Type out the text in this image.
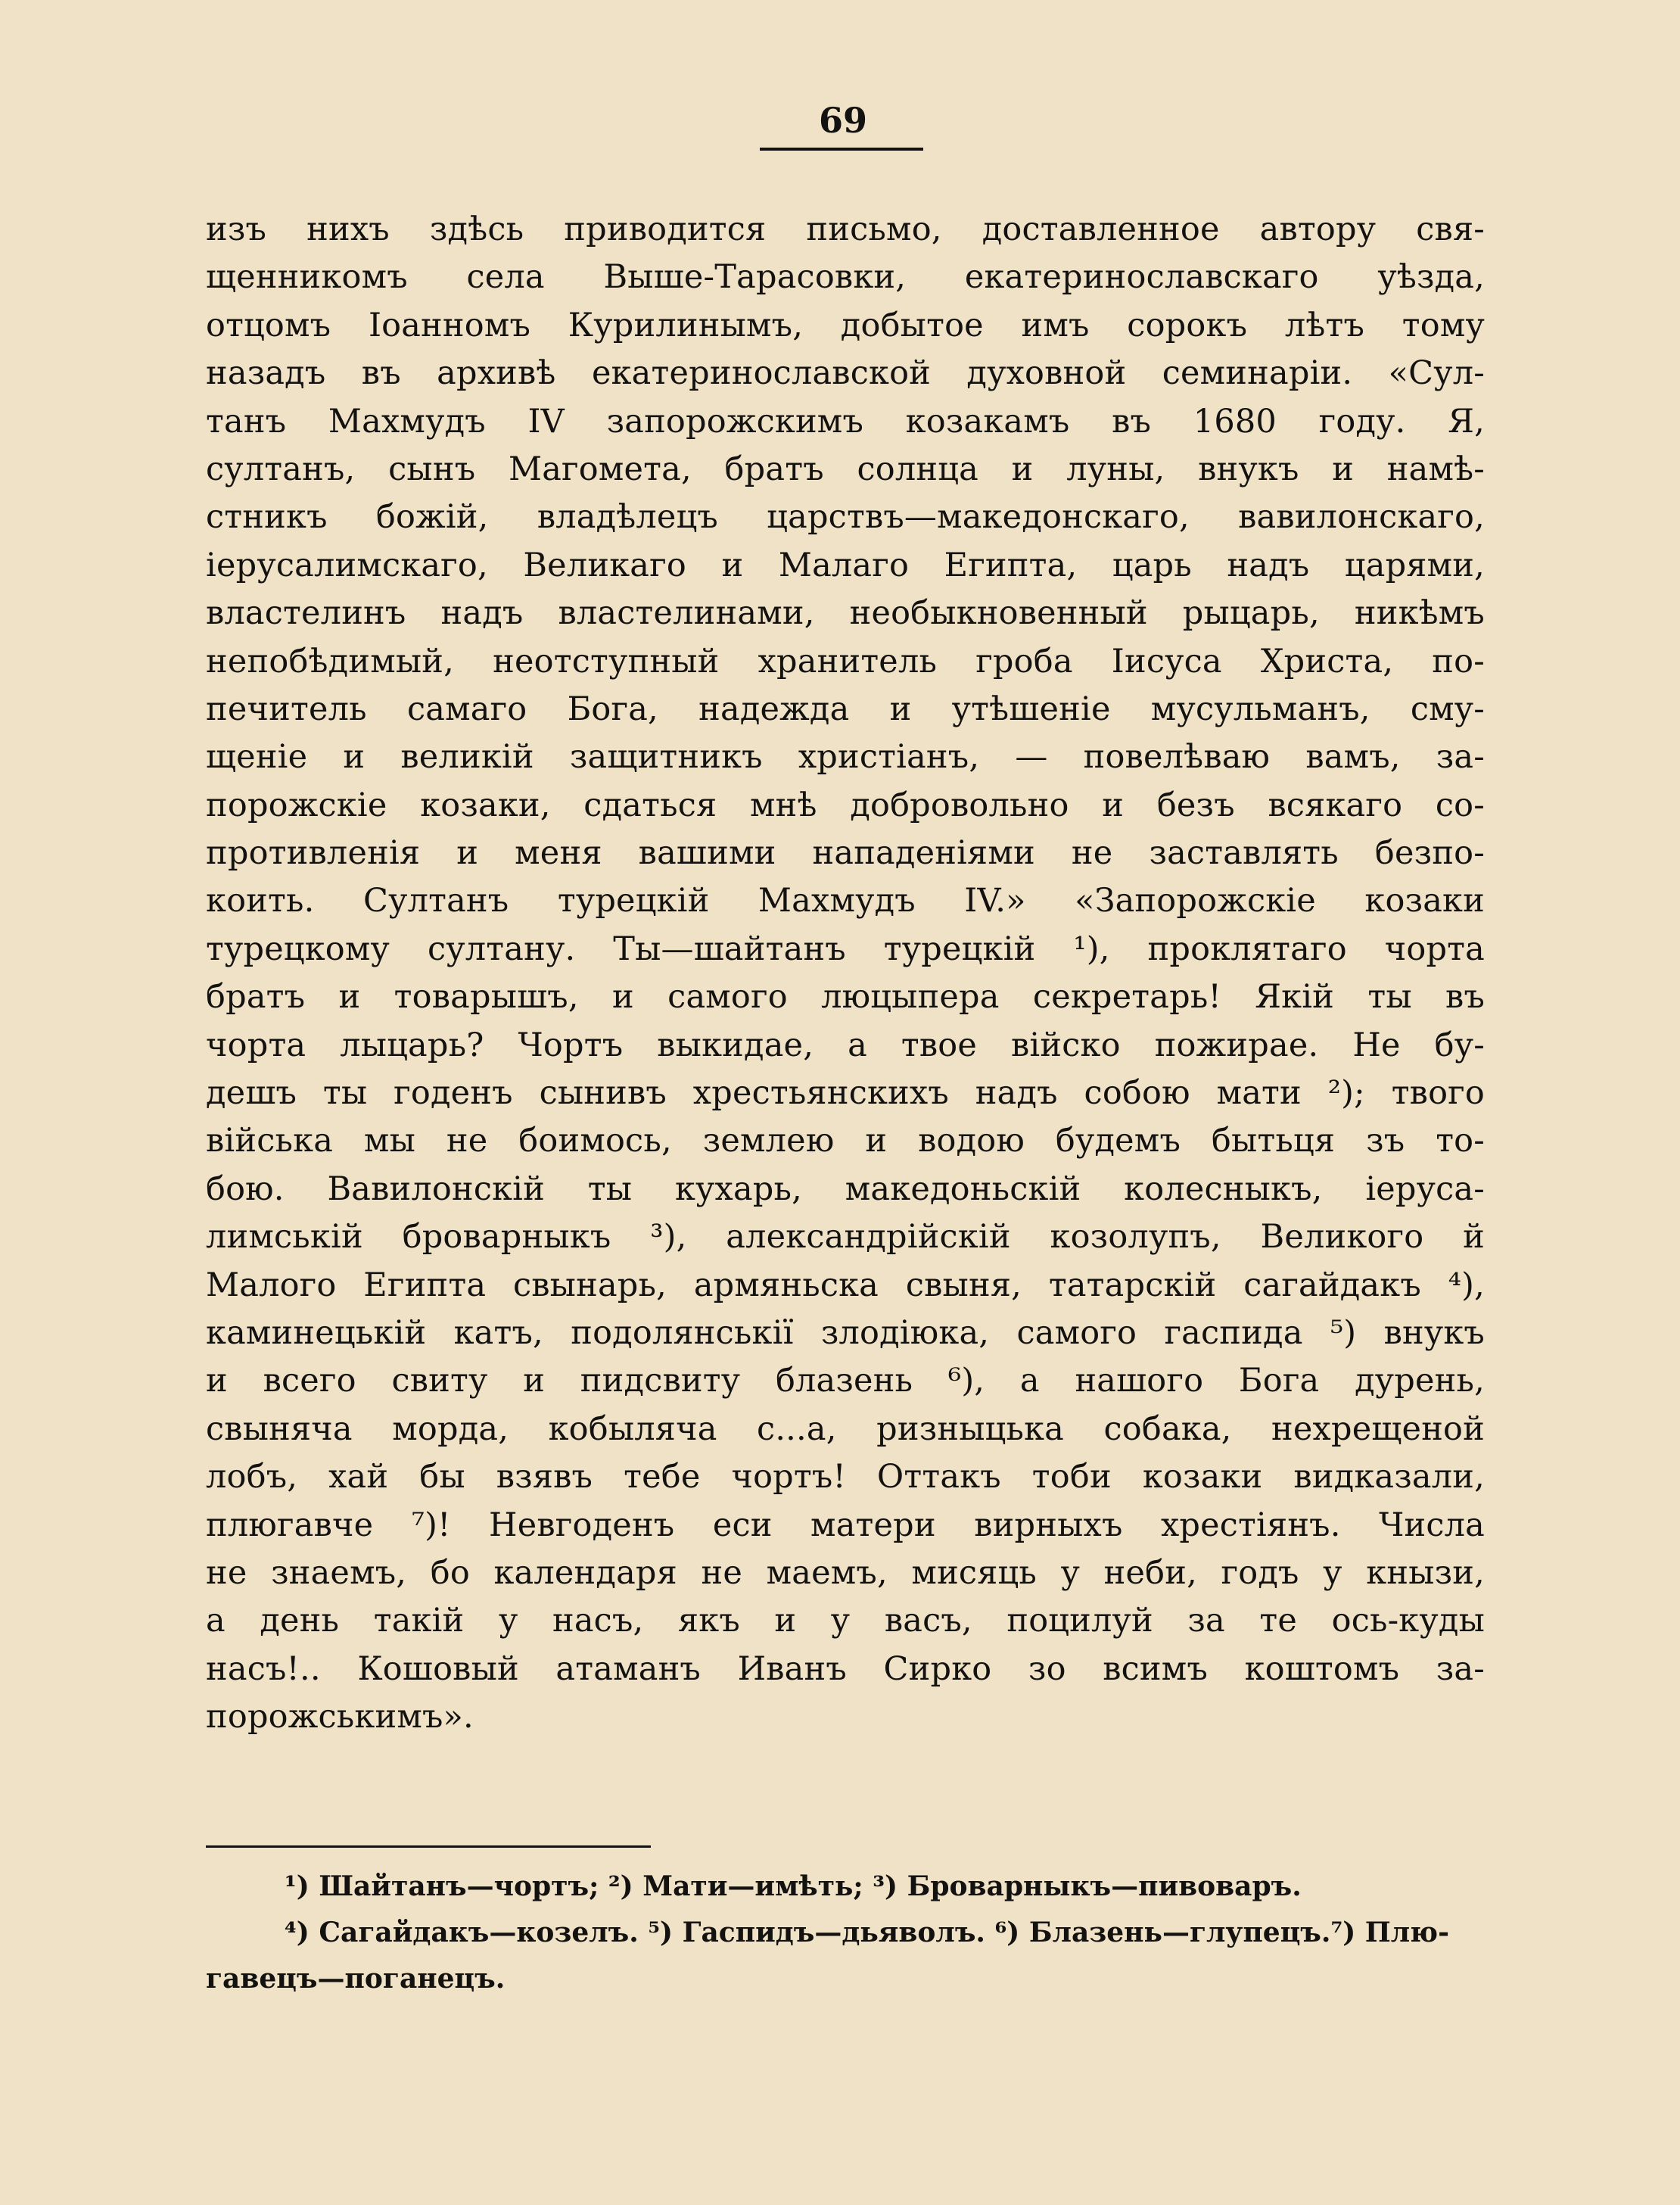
69
изъ нихъ здѣсь приводится письмо, доставленное автору свя-
щенникомъ села Выше-Тарасовки, екатеринославскаго уѣзда,
отцомъ Іоанномъ Курилинымъ, добытое имъ сорокъ лѣтъ тому
назадъ въ архивѣ екатеринославской духовной семинаріи. «Сул-
танъ Махмудъ IV запорожскимъ козакамъ въ 1680 году. Я,
султанъ, сынъ Магомета, братъ солнца и луны, внукъ и намѣ-
стникъ божій, владѣлецъ царствъ—македонскаго, вавилонскаго,
іерусалимскаго, Великаго и Малаго Египта, царь надъ царями,
властелинъ надъ властелинами, необыкновенный рыцарь, никѣмъ
непобѣдимый, неотступный хранитель гроба Іисуса Христа, по-
печитель самаго Бога, надежда и утѣшеніе мусульманъ, сму-
щеніе и великій защитникъ христіанъ, — повелѣваю вамъ, за-
порожскіе козаки, сдаться мнѣ добровольно и безъ всякаго со-
противленія и меня вашими нападеніями не заставлять безпо-
коить. Султанъ турецкій Махмудъ IV.» «Запорожскіе козаки
турецкому султану. Ты—шайтанъ турецкій ¹), проклятаго чорта
братъ и товарышъ, и самого люцыпера секретарь! Якій ты въ
чорта лыцарь? Чортъ выкидае, а твое війско пожирае. Не бу-
дешъ ты годенъ сынивъ хрестьянскихъ надъ собою мати ²); твого
війська мы не боимось, землею и водою будемъ бытьця зъ то-
бою. Вавилонскій ты кухарь, македоньскій колесныкъ, іеруса-
лимській броварныкъ ³), александрійскій козолупъ, Великого й
Малого Египта свынарь, армяньска свыня, татарскій сагайдакъ ⁴),
каминецькій катъ, подолянськії злодіюка, самого гаспида ⁵) внукъ
и всего свиту и пидсвиту блазень ⁶), а нашого Бога дурень,
свыняча морда, кобыляча с...а, ризныцька собака, нехрещеной
лобъ, хай бы взявъ тебе чортъ! Оттакъ тоби козаки видказали,
плюгавче ⁷)! Невгоденъ еси матери вирныхъ хрестіянъ. Числа
не знаемъ, бо календаря не маемъ, мисяць у неби, годъ у кнызи,
а день такій у насъ, якъ и у васъ, поцилуй за те ось-куды
насъ!.. Кошовый атаманъ Иванъ Сирко зо всимъ коштомъ за-
порожськимъ».
¹) Шайтанъ—чортъ; ²) Мати—имѣть; ³) Броварныкъ—пивоваръ.
⁴) Сагайдакъ—козелъ. ⁵) Гаспидъ—дьяволъ. ⁶) Блазень—глупецъ.⁷) Плю-
гавецъ—поганецъ.
